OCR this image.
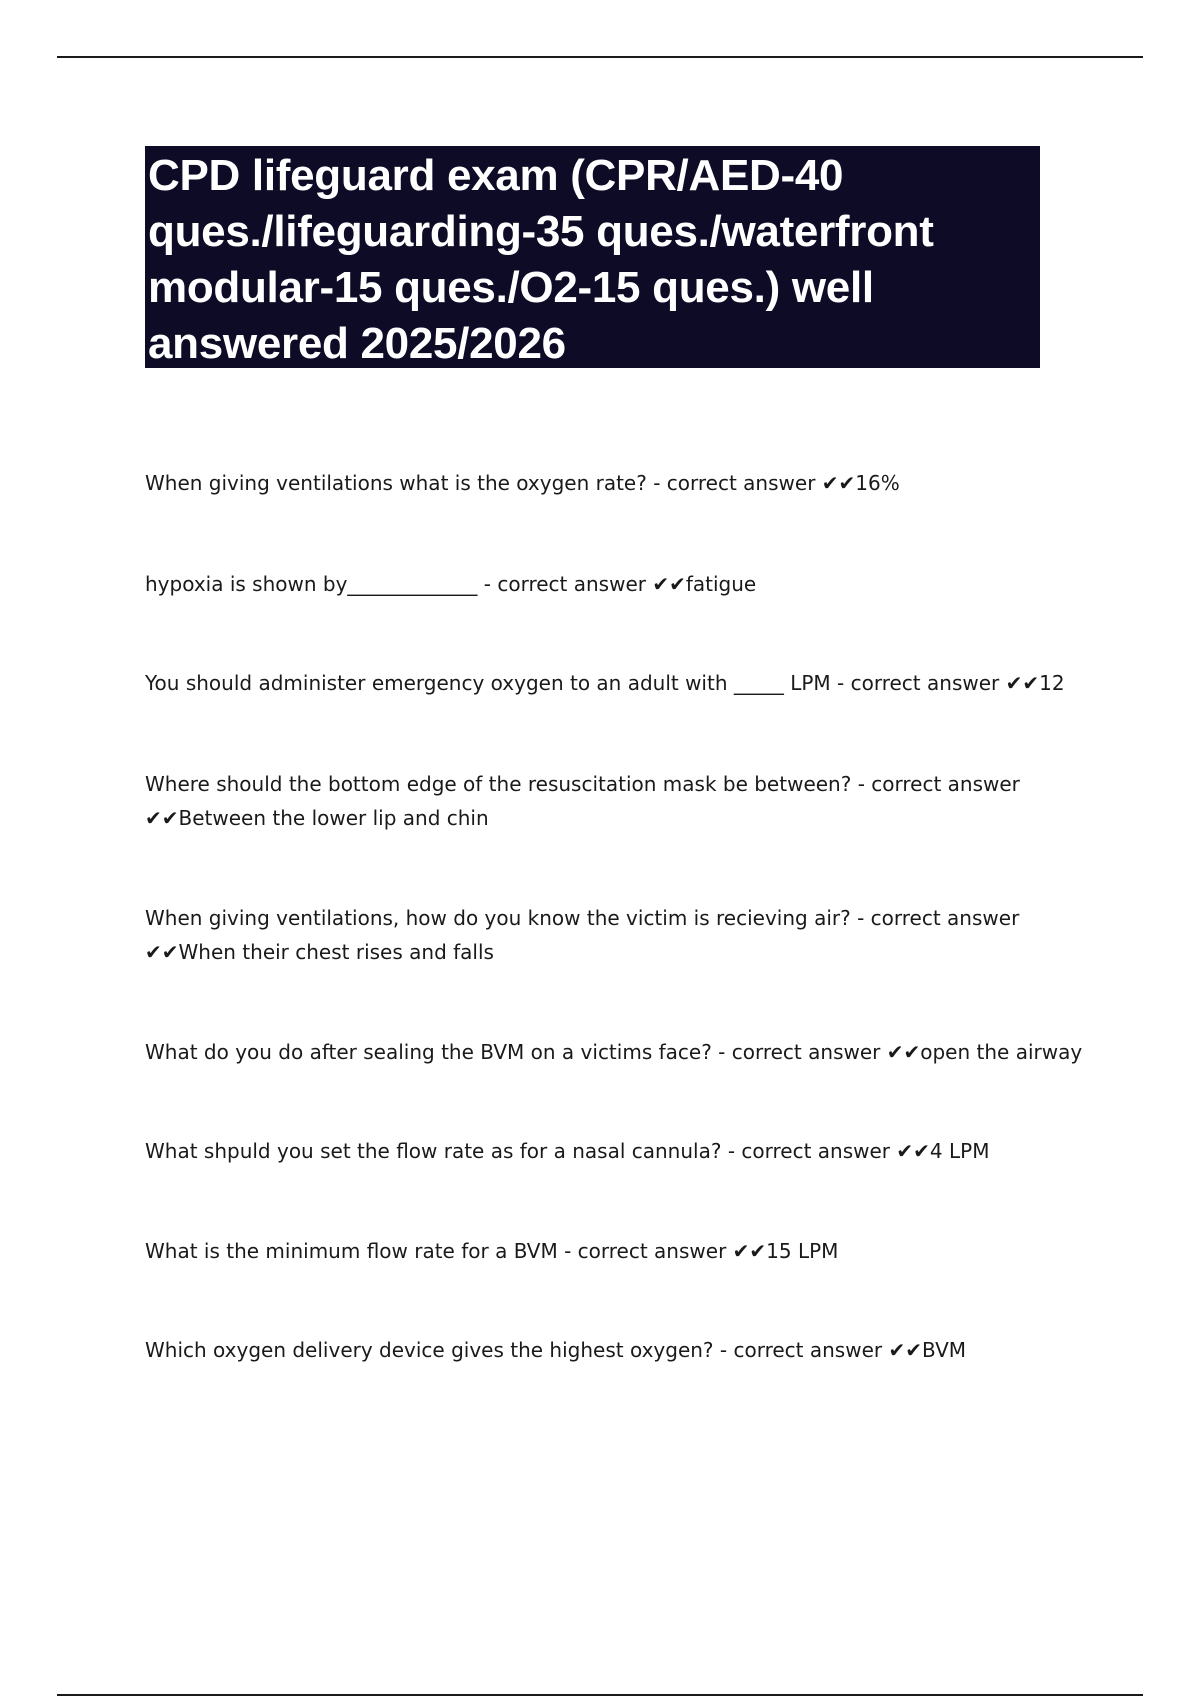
CPD lifeguard exam (CPR/AED-40 ques./lifeguarding-35 ques./waterfront modular-15 ques./O2-15 ques.) well answered 2025/2026
When giving ventilations what is the oxygen rate? - correct answer ✔✔16%
hypoxia is shown by_____________ - correct answer ✔✔fatigue
You should administer emergency oxygen to an adult with _____ LPM - correct answer ✔✔12
Where should the bottom edge of the resuscitation mask be between? - correct answer ✔✔Between the lower lip and chin
When giving ventilations, how do you know the victim is recieving air? - correct answer ✔✔When their chest rises and falls
What do you do after sealing the BVM on a victims face? - correct answer ✔✔open the airway
What shpuld you set the flow rate as for a nasal cannula? - correct answer ✔✔4 LPM
What is the minimum flow rate for a BVM - correct answer ✔✔15 LPM
Which oxygen delivery device gives the highest oxygen? - correct answer ✔✔BVM
